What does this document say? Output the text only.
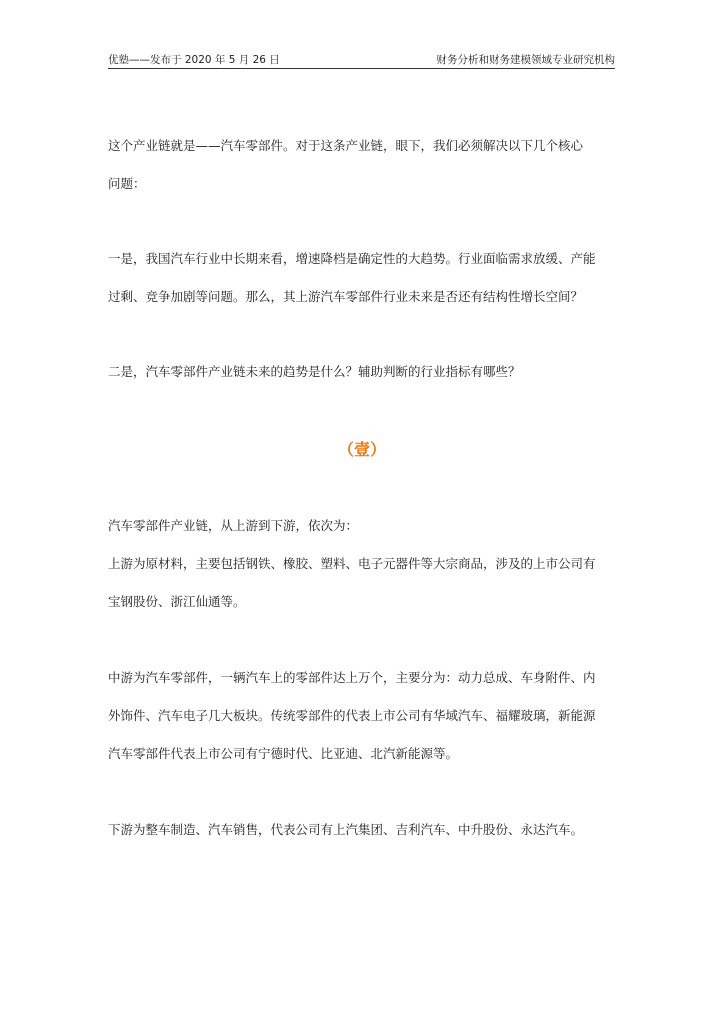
优塾——发布于 2020 年 5 月 26 日	财务分析和财务建模领域专业研究机构
这个产业链就是——汽车零部件。对于这条产业链，眼下，我们必须解决以下几个核心
问题：
一是，我国汽车行业中长期来看，增速降档是确定性的大趋势。行业面临需求放缓、产能
过剩、竞争加剧等问题。那么，其上游汽车零部件行业未来是否还有结构性增长空间？
二是，汽车零部件产业链未来的趋势是什么？辅助判断的行业指标有哪些？
（壹）
汽车零部件产业链，从上游到下游，依次为：
上游为原材料，主要包括钢铁、橡胶、塑料、电子元器件等大宗商品，涉及的上市公司有
宝钢股份、浙江仙通等。
中游为汽车零部件，一辆汽车上的零部件达上万个，主要分为：动力总成、车身附件、内
外饰件、汽车电子几大板块。传统零部件的代表上市公司有华域汽车、福耀玻璃，新能源
汽车零部件代表上市公司有宁德时代、比亚迪、北汽新能源等。
下游为整车制造、汽车销售，代表公司有上汽集团、吉利汽车、中升股份、永达汽车。
